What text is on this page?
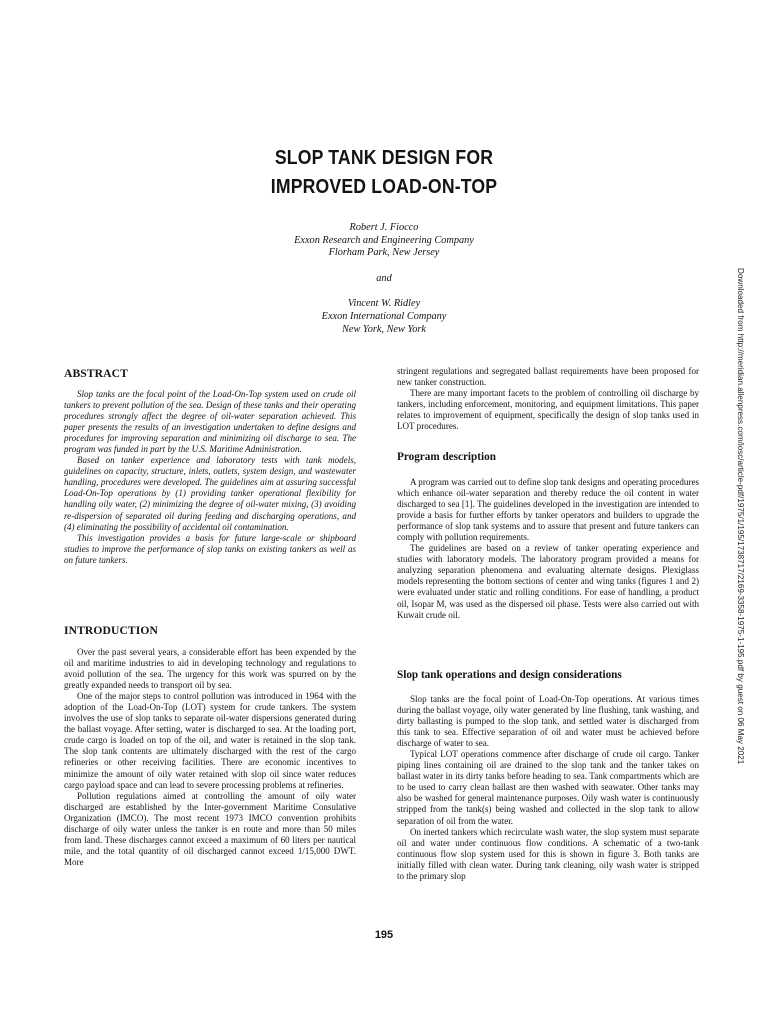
SLOP TANK DESIGN FOR
IMPROVED LOAD-ON-TOP
Robert J. Fiocco
Exxon Research and Engineering Company
Florham Park, New Jersey
and
Vincent W. Ridley
Exxon International Company
New York, New York	Downloaded from http://meridian.allenpress.com/iosc/article-pdf/1975/1/195/1738717/2169-3358-1975-1-195.pdf by guest on 06 May 2021
ABSTRACT

Slop tanks are the focal point of the Load-On-Top system used on crude oil tankers to prevent pollution of the sea. Design of these tanks and their operating procedures strongly affect the degree of oil-water separation achieved. This paper presents the results of an investigation undertaken to define designs and procedures for improving separation and minimizing oil discharge to sea. The program was funded in part by the U.S. Maritime Administration.

Based on tanker experience and laboratory tests with tank models, guidelines on capacity, structure, inlets, outlets, system design, and wastewater handling, procedures were developed. The guidelines aim at assuring successful Load-On-Top operations by (1) providing tanker operational flexibility for handling oily water, (2) minimizing the degree of oil-water mixing, (3) avoiding re-dispersion of separated oil during feeding and discharging operations, and (4) eliminating the possibility of accidental oil contamination.

This investigation provides a basis for future large-scale or shipboard studies to improve the performance of slop tanks on existing tankers as well as on future tankers.

INTRODUCTION

Over the past several years, a considerable effort has been expended by the oil and maritime industries to aid in developing technology and regulations to avoid pollution of the sea. The urgency for this work was spurred on by the greatly expanded needs to transport oil by sea.

One of the major steps to control pollution was introduced in 1964 with the adoption of the Load-On-Top (LOT) system for crude tankers. The system involves the use of slop tanks to separate oil-water dispersions generated during the ballast voyage. After setting, water is discharged to sea. At the loading port, crude cargo is loaded on top of the oil, and water is retained in the slop tank. The slop tank contents are ultimately discharged with the rest of the cargo refineries or other receiving facilities. There are economic incentives to minimize the amount of oily water retained with slop oil since water reduces cargo payload space and can lead to severe processing problems at refineries.

Pollution regulations aimed at controlling the amount of oily water discharged are established by the Inter-government Maritime Consulative Organization (IMCO). The most recent 1973 IMCO convention prohibits discharge of oily water unless the tanker is en route and more than 50 miles from land. These discharges cannot exceed a maximum of 60 liters per nautical mile, and the total quantity of oil discharged cannot exceed 1/15,000 DWT. More

stringent regulations and segregated ballast requirements have been proposed for new tanker construction.

There are many important facets to the problem of controlling oil discharge by tankers, including enforcement, monitoring, and equipment limitations. This paper relates to improvement of equipment, specifically the design of slop tanks used in LOT procedures.

Program description

A program was carried out to define slop tank designs and operating procedures which enhance oil-water separation and thereby reduce the oil content in water discharged to sea [1]. The guidelines developed in the investigation are intended to provide a basis for further efforts by tanker operators and builders to upgrade the performance of slop tank systems and to assure that present and future tankers can comply with pollution requirements.

The guidelines are based on a review of tanker operating experience and studies with laboratory models. The laboratory program provided a means for analyzing separation phenomena and evaluating alternate designs. Plexiglass models representing the bottom sections of center and wing tanks (figures 1 and 2) were evaluated under static and rolling conditions. For ease of handling, a product oil, Isopar M, was used as the dispersed oil phase. Tests were also carried out with Kuwait crude oil.

Slop tank operations and design considerations

Slop tanks are the focal point of Load-On-Top operations. At various times during the ballast voyage, oily water generated by line flushing, tank washing, and dirty ballasting is pumped to the slop tank, and settled water is discharged from this tank to sea. Effective separation of oil and water must be achieved before discharge of water to sea.

Typical LOT operations commence after discharge of crude oil cargo. Tanker piping lines containing oil are drained to the slop tank and the tanker takes on ballast water in its dirty tanks before heading to sea. Tank compartments which are to be used to carry clean ballast are then washed with seawater. Other tanks may also be washed for general maintenance purposes. Oily wash water is continuously stripped from the tank(s) being washed and collected in the slop tank to allow separation of oil from the water.

On inerted tankers which recirculate wash water, the slop system must separate oil and water under continuous flow conditions. A schematic of a two-tank continuous flow slop system used for this is shown in figure 3. Both tanks are initially filled with clean water. During tank cleaning, oily wash water is stripped to the primary slop

195
